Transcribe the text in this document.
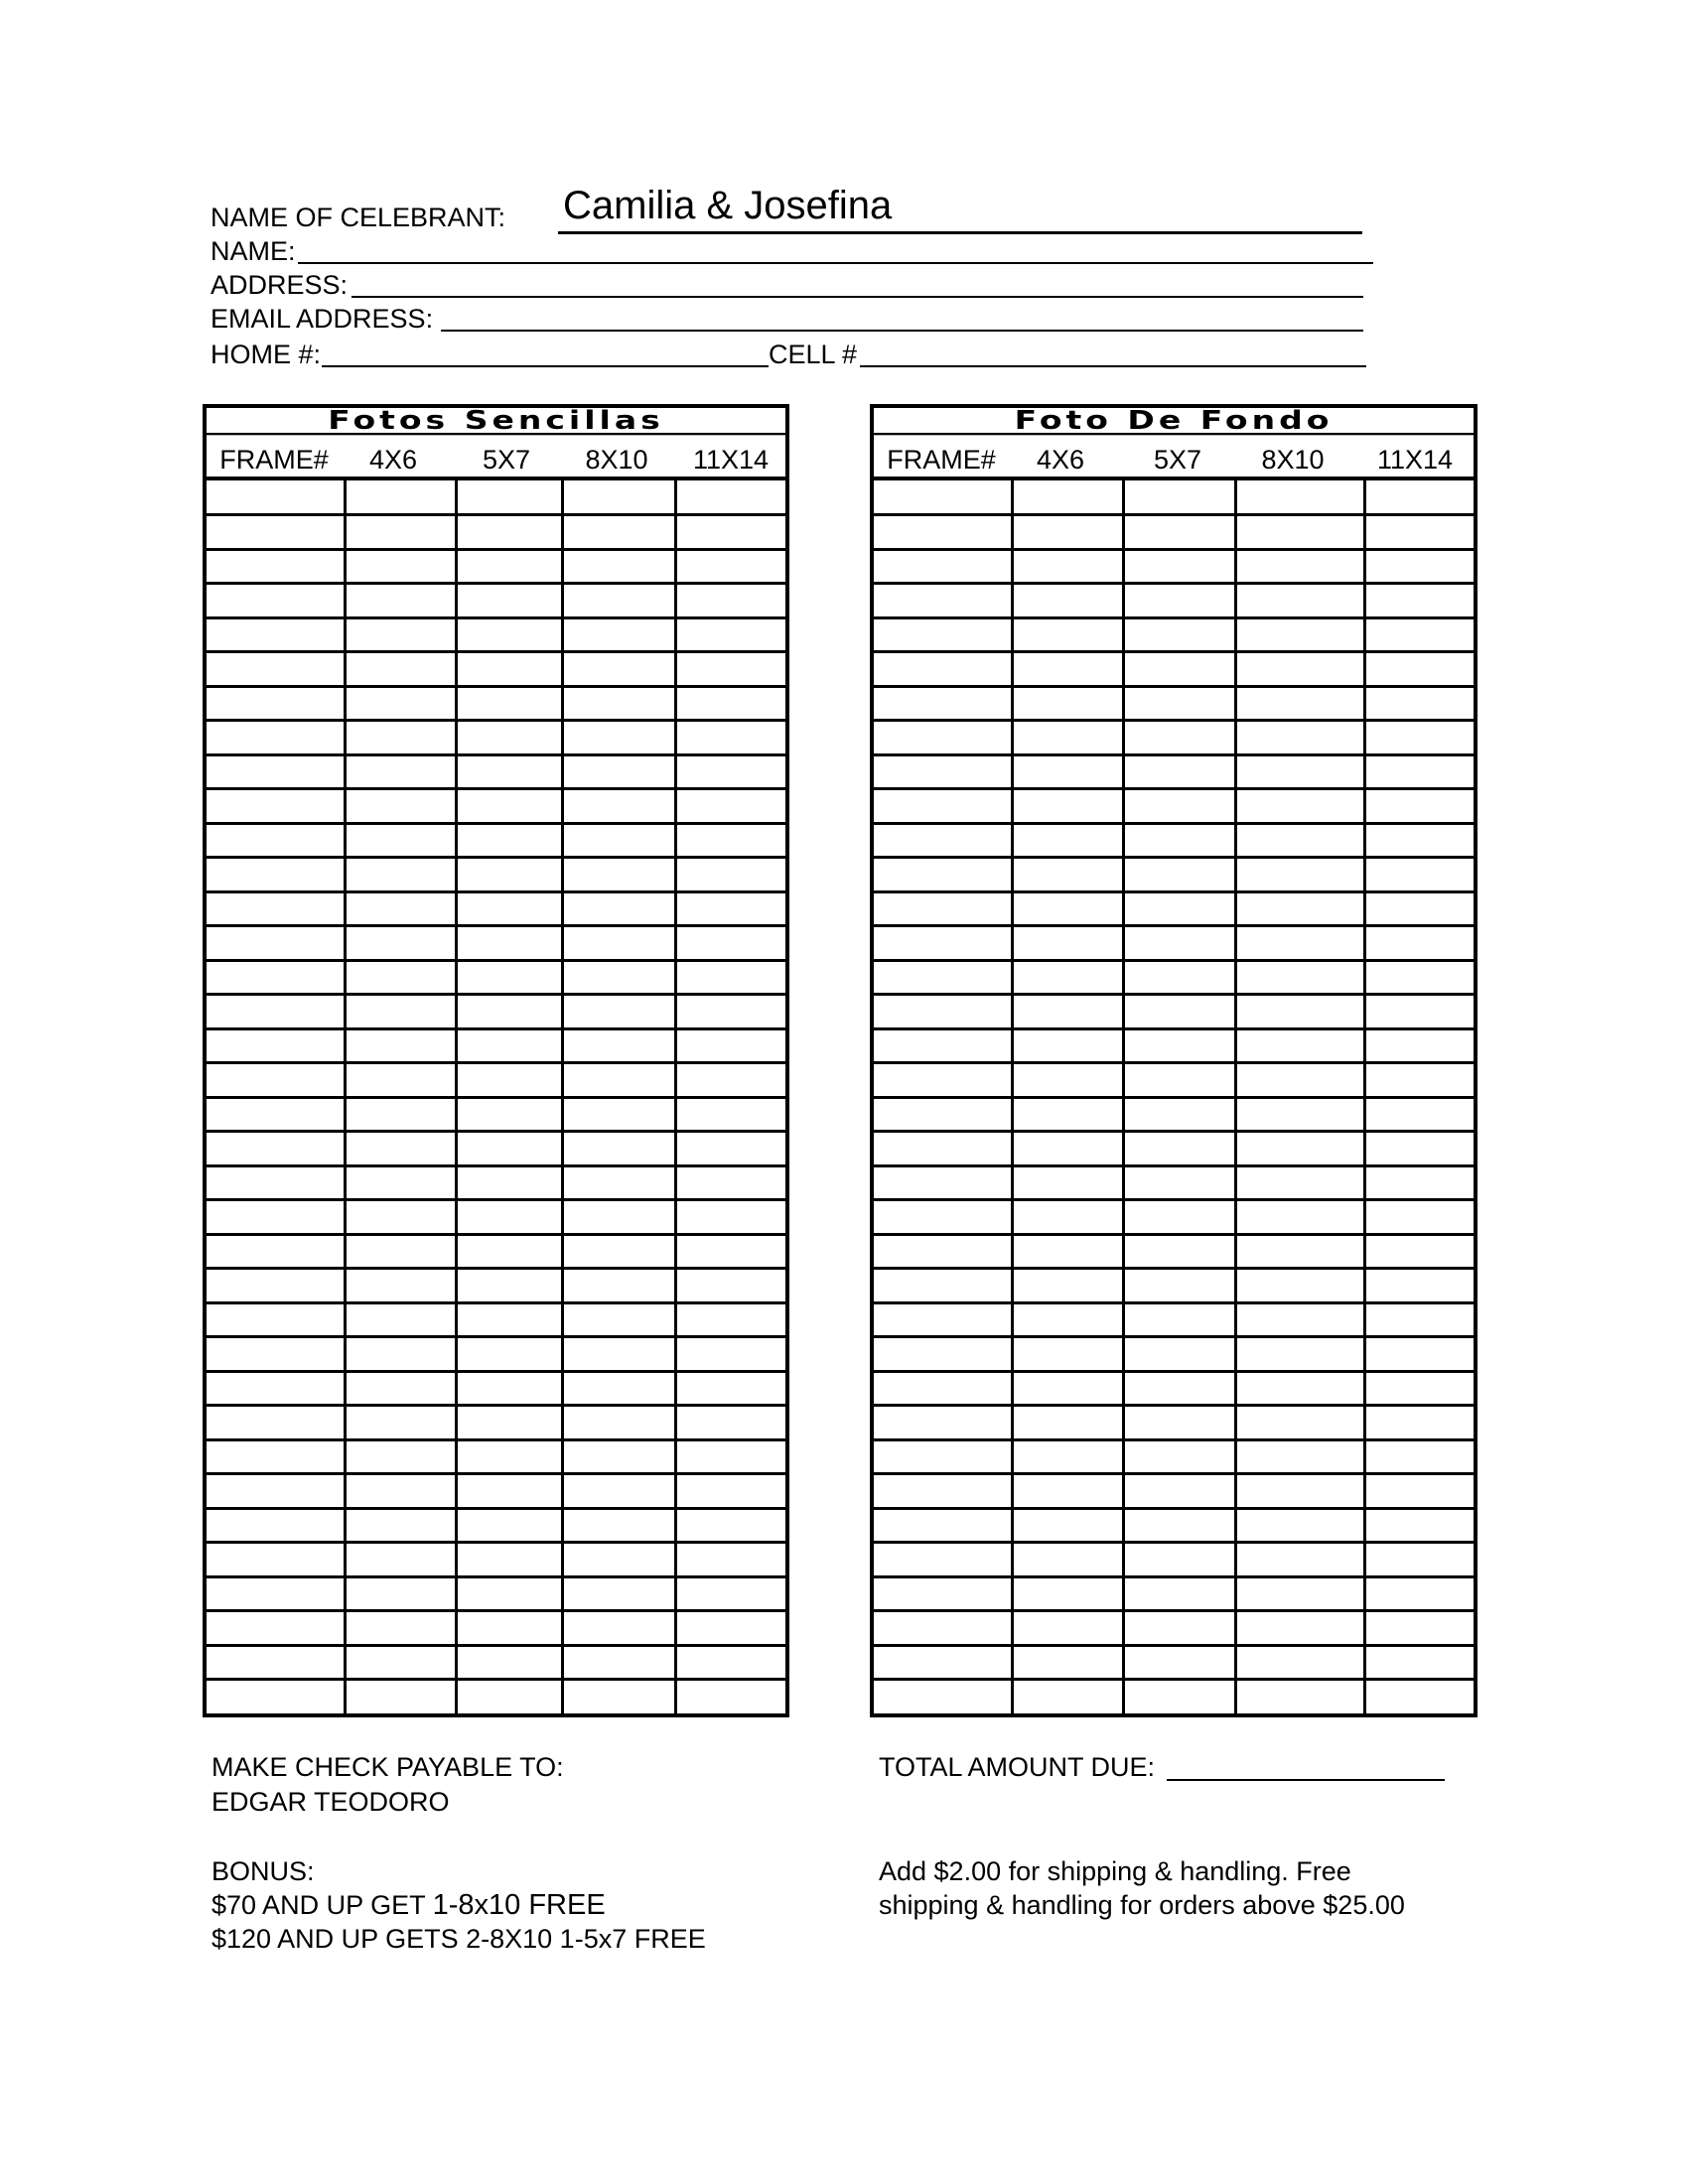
NAME OF CELEBRANT: Camilia & Josefina
NAME:
ADDRESS:
EMAIL ADDRESS:
HOME #:	CELL #
Fotos Sencillas
FRAME#	4X6	5X7	8X10	11X14
Foto De Fondo
FRAME#	4X6	5X7	8X10	11X14
MAKE CHECK PAYABLE TO:
EDGAR TEODORO
BONUS:
$70 AND UP GET 1-8x10 FREE
$120 AND UP GETS 2-8X10 1-5x7 FREE
TOTAL AMOUNT DUE:
Add $2.00 for shipping & handling. Free
shipping & handling for orders above $25.00
